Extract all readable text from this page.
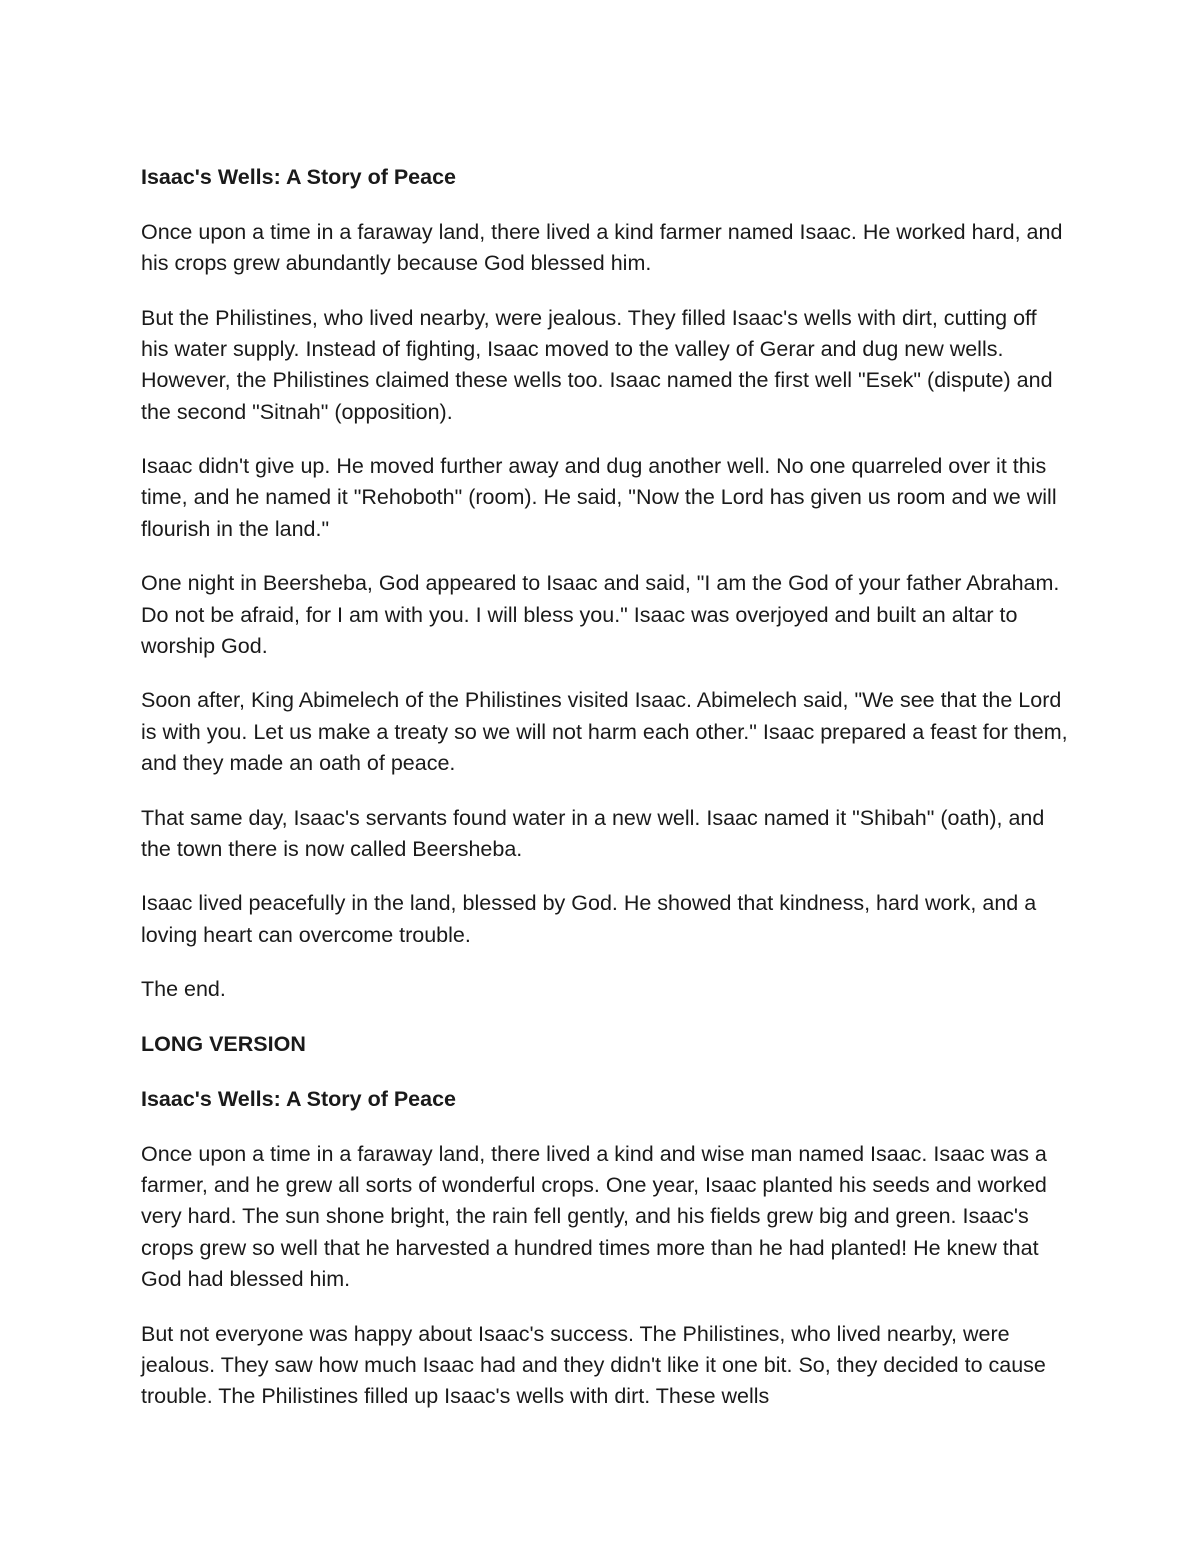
Isaac's Wells: A Story of Peace

Once upon a time in a faraway land, there lived a kind farmer named Isaac. He worked hard, and his crops grew abundantly because God blessed him.

But the Philistines, who lived nearby, were jealous. They filled Isaac's wells with dirt, cutting off his water supply. Instead of fighting, Isaac moved to the valley of Gerar and dug new wells. However, the Philistines claimed these wells too. Isaac named the first well "Esek" (dispute) and the second "Sitnah" (opposition).

Isaac didn't give up. He moved further away and dug another well. No one quarreled over it this time, and he named it "Rehoboth" (room). He said, "Now the Lord has given us room and we will flourish in the land."

One night in Beersheba, God appeared to Isaac and said, "I am the God of your father Abraham. Do not be afraid, for I am with you. I will bless you." Isaac was overjoyed and built an altar to worship God.

Soon after, King Abimelech of the Philistines visited Isaac. Abimelech said, "We see that the Lord is with you. Let us make a treaty so we will not harm each other." Isaac prepared a feast for them, and they made an oath of peace.

That same day, Isaac's servants found water in a new well. Isaac named it "Shibah" (oath), and the town there is now called Beersheba.

Isaac lived peacefully in the land, blessed by God. He showed that kindness, hard work, and a loving heart can overcome trouble.

The end.

LONG VERSION
Isaac's Wells: A Story of Peace

Once upon a time in a faraway land, there lived a kind and wise man named Isaac. Isaac was a farmer, and he grew all sorts of wonderful crops. One year, Isaac planted his seeds and worked very hard. The sun shone bright, the rain fell gently, and his fields grew big and green. Isaac's crops grew so well that he harvested a hundred times more than he had planted! He knew that God had blessed him.

But not everyone was happy about Isaac's success. The Philistines, who lived nearby, were jealous. They saw how much Isaac had and they didn't like it one bit. So, they decided to cause trouble. The Philistines filled up Isaac's wells with dirt. These wells
